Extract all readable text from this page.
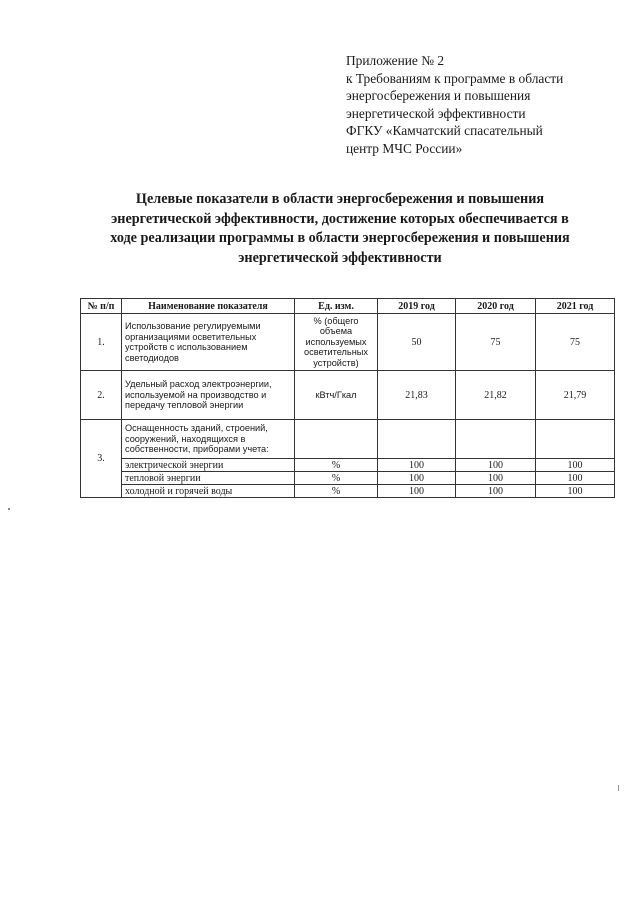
Приложение № 2
к Требованиям к программе в области
энергосбережения и повышения
энергетической эффективности
ФГКУ «Камчатский спасательный
центр МЧС России»
Целевые показатели в области энергосбережения и повышения
энергетической эффективности, достижение которых обеспечивается в
ходе реализации программы в области энергосбережения и повышения
энергетической эффективности
№ п/п	Наименование показателя	Ед. изм.	2019 год	2020 год	2021 год
1.	Использование регулируемыми организациями осветительных устройств с использованием светодиодов	% (общего объема используемых осветительных устройств)	50	75	75
2.	Удельный расход электроэнергии, используемой на производство и передачу тепловой энергии	кВтч/Гкал	21,83	21,82	21,79
3.	Оснащенность зданий, строений, сооружений, находящихся в собственности, приборами учета:				
	электрической энергии	%	100	100	100
	тепловой энергии	%	100	100	100
	холодной и горячей воды	%	100	100	100
